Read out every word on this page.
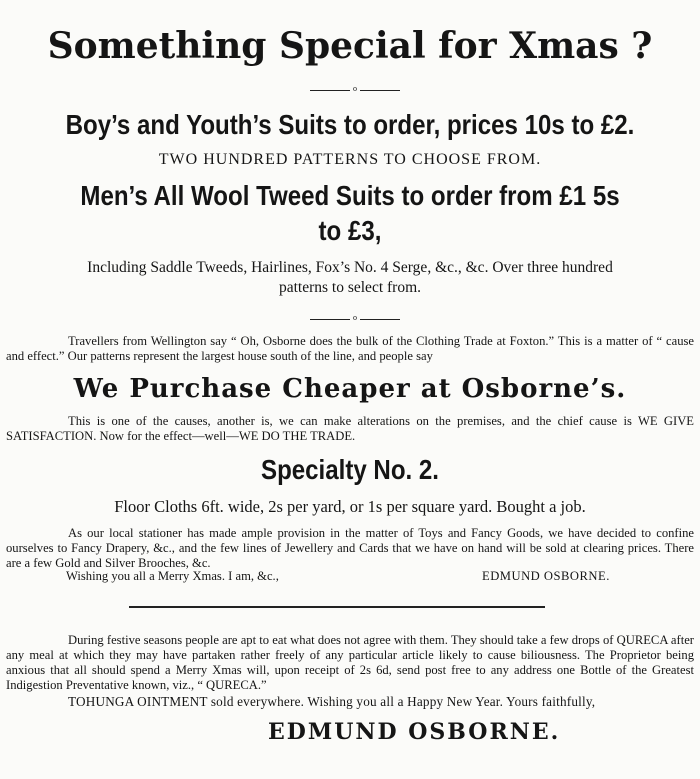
Something Special for Xmas ?
o
Boy’s and Youth’s Suits to order, prices 10s to £2.
TWO HUNDRED PATTERNS TO CHOOSE FROM.
Men’s All Wool Tweed Suits to order from £1 5s
to £3,
Including Saddle Tweeds, Hairlines, Fox’s No. 4 Serge, &c., &c. Over three hundred
patterns to select from.
o
Travellers from Wellington say “ Oh, Osborne does the bulk of the Clothing Trade at Foxton.” This is a matter of “ cause and effect.” Our patterns represent the largest house south of the line, and people say
We Purchase Cheaper at Osborne’s.
This is one of the causes, another is, we can make alterations on the premises, and the chief cause is WE GIVE SATISFACTION. Now for the effect—well—WE DO THE TRADE.
Specialty No. 2.
Floor Cloths 6ft. wide, 2s per yard, or 1s per square yard. Bought a job.
As our local stationer has made ample provision in the matter of Toys and Fancy Goods, we have decided to confine ourselves to Fancy Drapery, &c., and the few lines of Jewellery and Cards that we have on hand will be sold at clearing prices. There are a few Gold and Silver Brooches, &c.
Wishing you all a Merry Xmas. I am, &c.,	EDMUND OSBORNE.
During festive seasons people are apt to eat what does not agree with them. They should take a few drops of QURECA after any meal at which they may have partaken rather freely of any particular article likely to cause biliousness. The Proprietor being anxious that all should spend a Merry Xmas will, upon receipt of 2s 6d, send post free to any address one Bottle of the Greatest Indigestion Preventative known, viz., “ QURECA.”
TOHUNGA OINTMENT sold everywhere. Wishing you all a Happy New Year. Yours faithfully,
EDMUND OSBORNE.
